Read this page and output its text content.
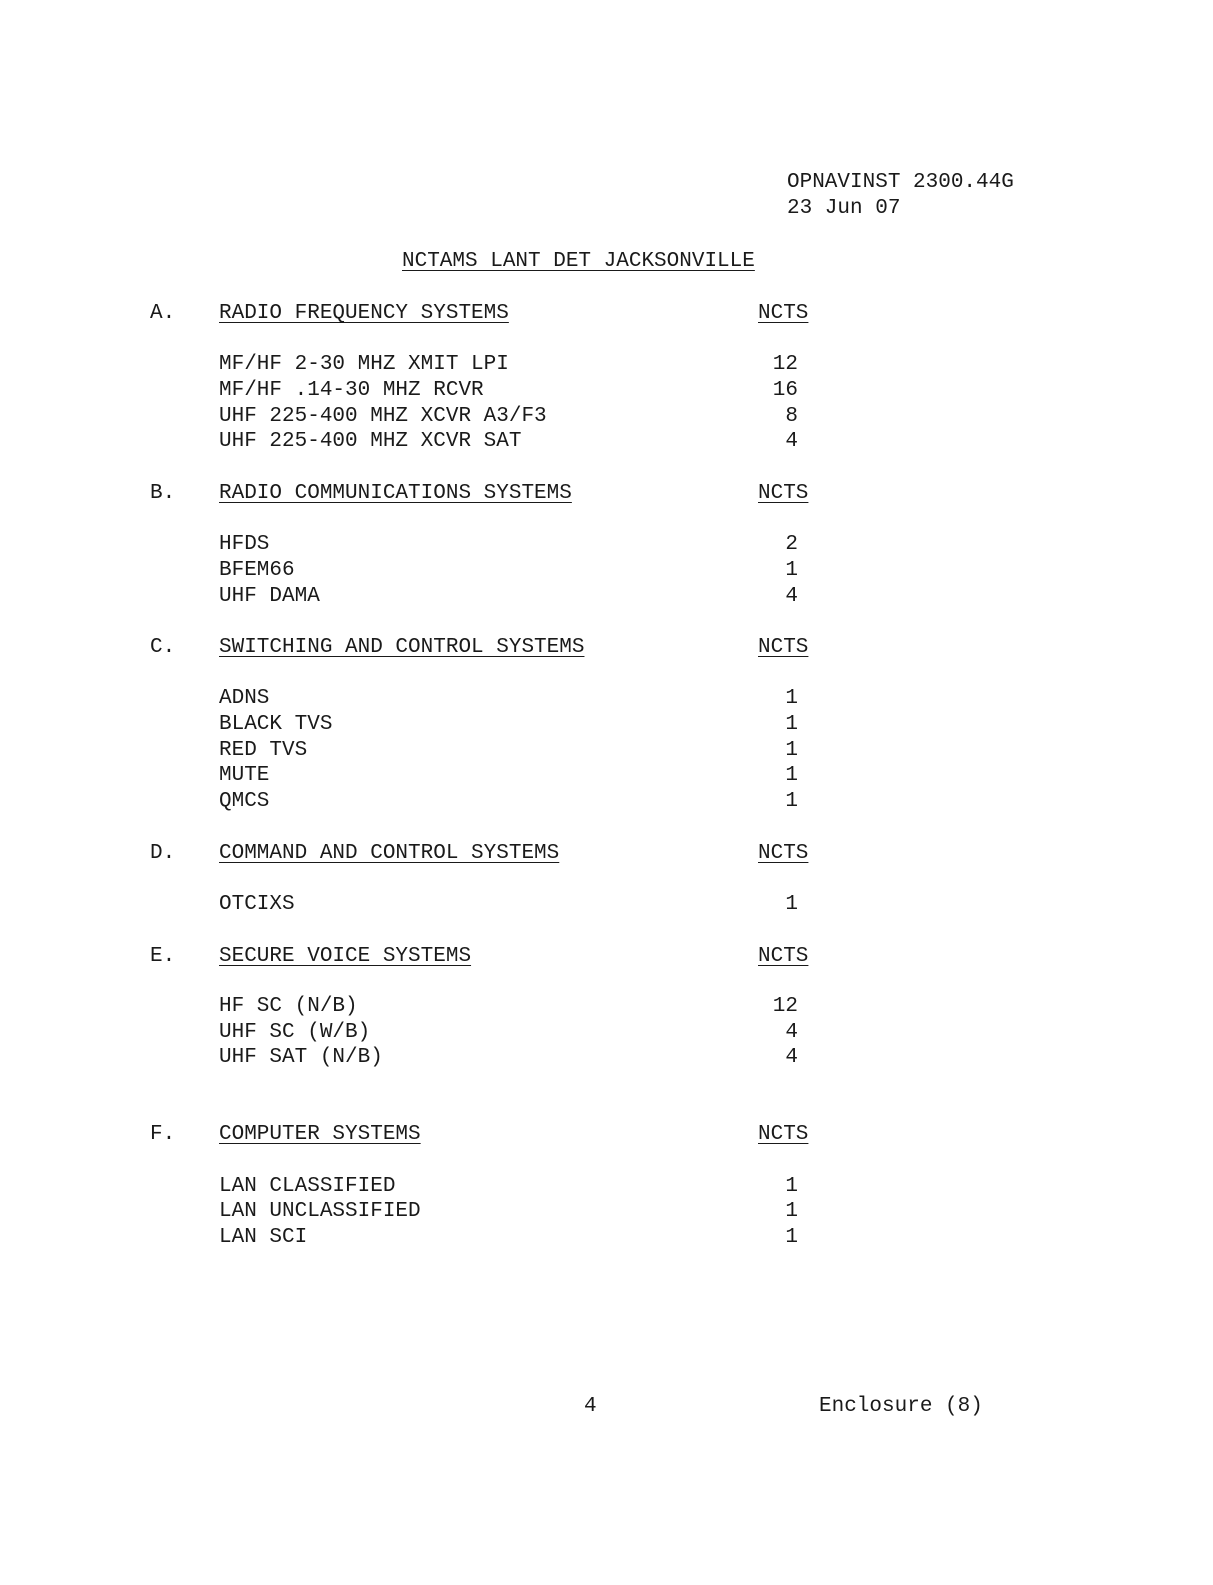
OPNAVINST 2300.44G
23 Jun 07
NCTAMS LANT DET JACKSONVILLE
A. RADIO FREQUENCY SYSTEMS	NCTS
MF/HF 2-30 MHZ XMIT LPI	12
MF/HF .14-30 MHZ RCVR	16
UHF 225-400 MHZ XCVR A3/F3	8
UHF 225-400 MHZ XCVR SAT	4
B. RADIO COMMUNICATIONS SYSTEMS	NCTS
HFDS	2
BFEM66	1
UHF DAMA	4
C. SWITCHING AND CONTROL SYSTEMS	NCTS
ADNS	1
BLACK TVS	1
RED TVS	1
MUTE	1
QMCS	1
D. COMMAND AND CONTROL SYSTEMS	NCTS
OTCIXS	1
E. SECURE VOICE SYSTEMS	NCTS
HF SC (N/B)	12
UHF SC (W/B)	4
UHF SAT (N/B)	4
F. COMPUTER SYSTEMS	NCTS
LAN CLASSIFIED	1
LAN UNCLASSIFIED	1
LAN SCI	1
4	Enclosure (8)
